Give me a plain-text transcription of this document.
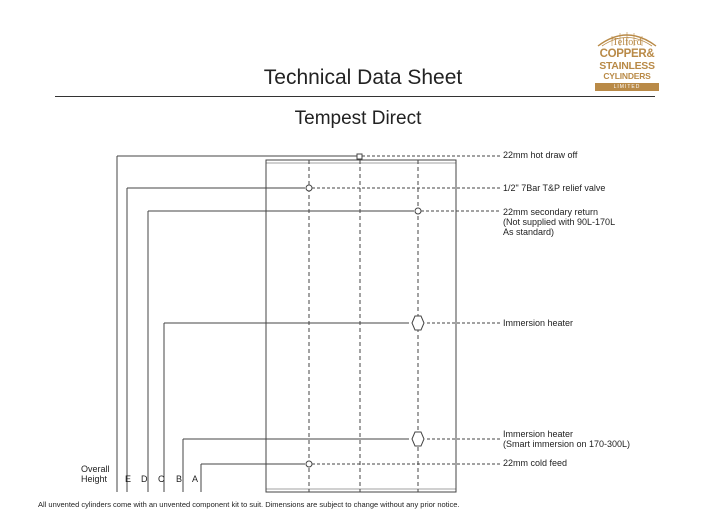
Technical Data Sheet
Tempest Direct
Telford
COPPER&
STAINLESS
CYLINDERS
LIMITED
22mm hot draw off
1/2" 7Bar T&P relief valve
22mm secondary return
(Not supplied with 90L-170L
As standard)
Immersion heater
Immersion heater
(Smart immersion on 170-300L)
22mm cold feed
Overall
Height E D C B A
All unvented cylinders come with an unvented component kit to suit. Dimensions are subject to change without any prior notice.
